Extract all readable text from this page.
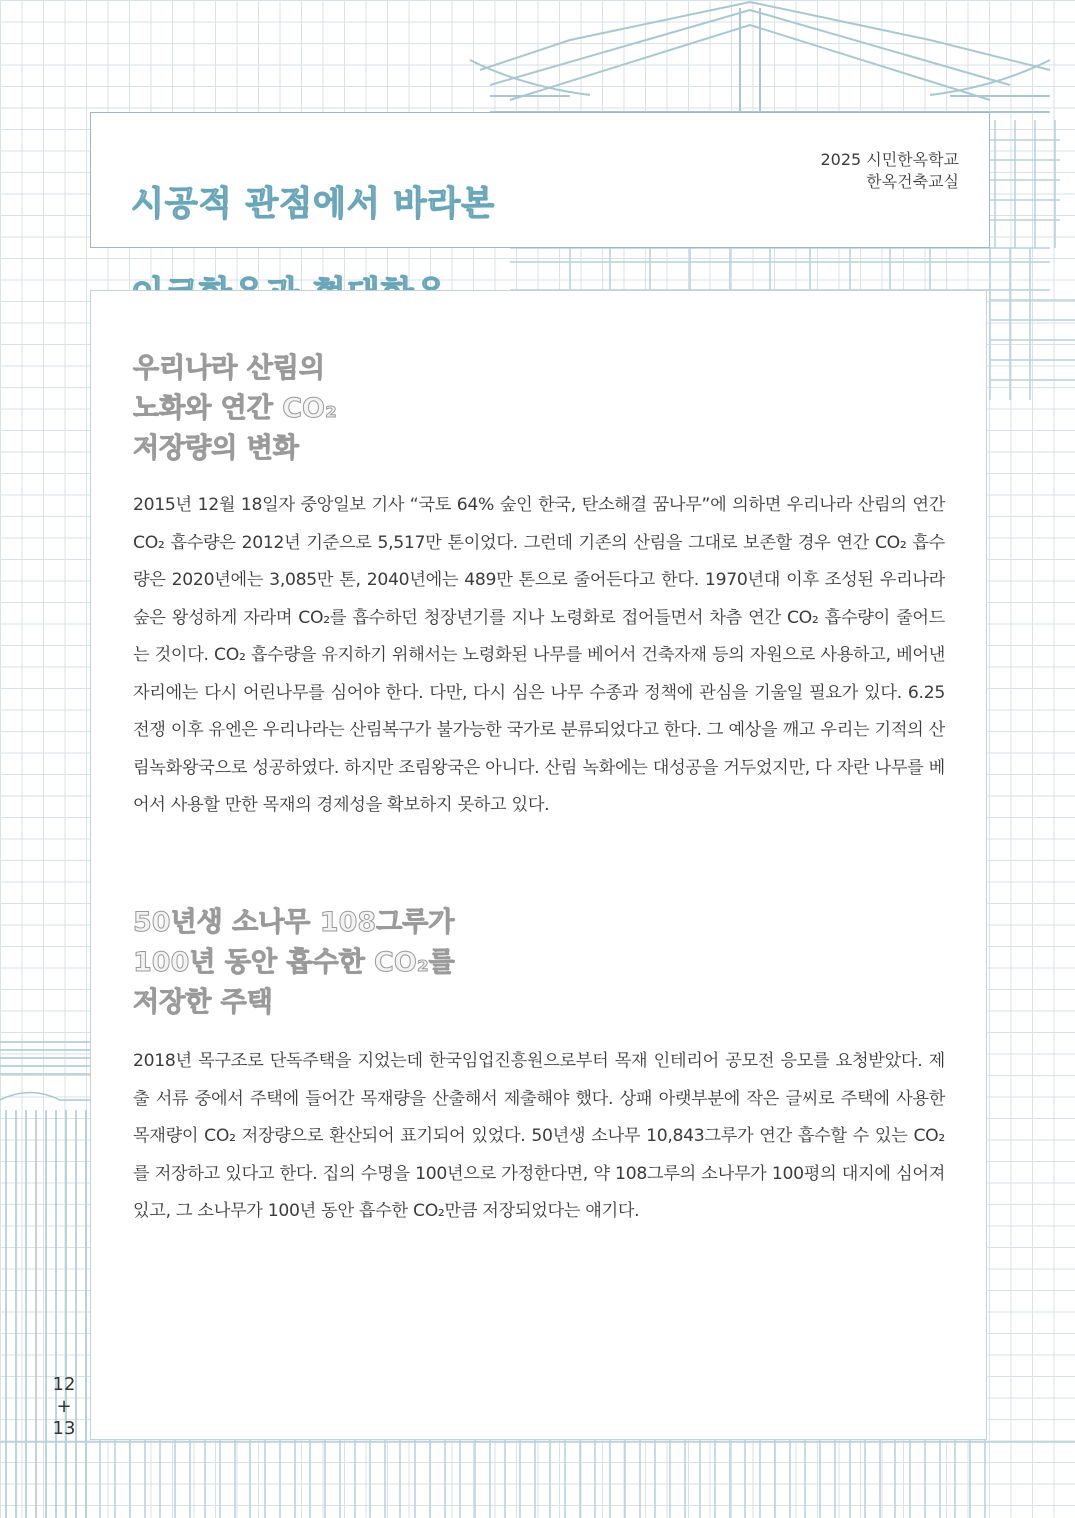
시공적 관점에서 바라본

2025 시민한옥학교
한옥건축교실
우리나라 산림의
노화와 연간 CO₂
저장량의 변화

2015년 12월 18일자 중앙일보 기사 “국토 64% 숲인 한국, 탄소해결 꿈나무”에 의하면 우리나라 산림의 연간 CO₂ 흡수량은 2012년 기준으로 5,517만 톤이었다. 그런데 기존의 산림을 그대로 보존할 경우 연간 CO₂ 흡수량은 2020년에는 3,085만 톤, 2040년에는 489만 톤으로 줄어든다고 한다. 1970년대 이후 조성된 우리나라 숲은 왕성하게 자라며 CO₂를 흡수하던 청장년기를 지나 노령화로 접어들면서 차츰 연간 CO₂ 흡수량이 줄어드는 것이다. CO₂ 흡수량을 유지하기 위해서는 노령화된 나무를 베어서 건축자재 등의 자원으로 사용하고, 베어낸 자리에는 다시 어린나무를 심어야 한다. 다만, 다시 심은 나무 수종과 정책에 관심을 기울일 필요가 있다. 6.25 전쟁 이후 유엔은 우리나라는 산림복구가 불가능한 국가로 분류되었다고 한다. 그 예상을 깨고 우리는 기적의 산림녹화왕국으로 성공하였다. 하지만 조림왕국은 아니다. 산림 녹화에는 대성공을 거두었지만, 다 자란 나무를 베어서 사용할 만한 목재의 경제성을 확보하지 못하고 있다.

50년생 소나무 108그루가
100년 동안 흡수한 CO₂를
저장한 주택

2018년 목구조로 단독주택을 지었는데 한국임업진흥원으로부터 목재 인테리어 공모전 응모를 요청받았다. 제출 서류 중에서 주택에 들어간 목재량을 산출해서 제출해야 했다. 상패 아랫부분에 작은 글씨로 주택에 사용한 목재량이 CO₂ 저장량으로 환산되어 표기되어 있었다. 50년생 소나무 10,843그루가 연간 흡수할 수 있는 CO₂를 저장하고 있다고 한다. 집의 수명을 100년으로 가정한다면, 약 108그루의 소나무가 100평의 대지에 심어져 있고, 그 소나무가 100년 동안 흡수한 CO₂만큼 저장되었다는 얘기다.

12
+
13
